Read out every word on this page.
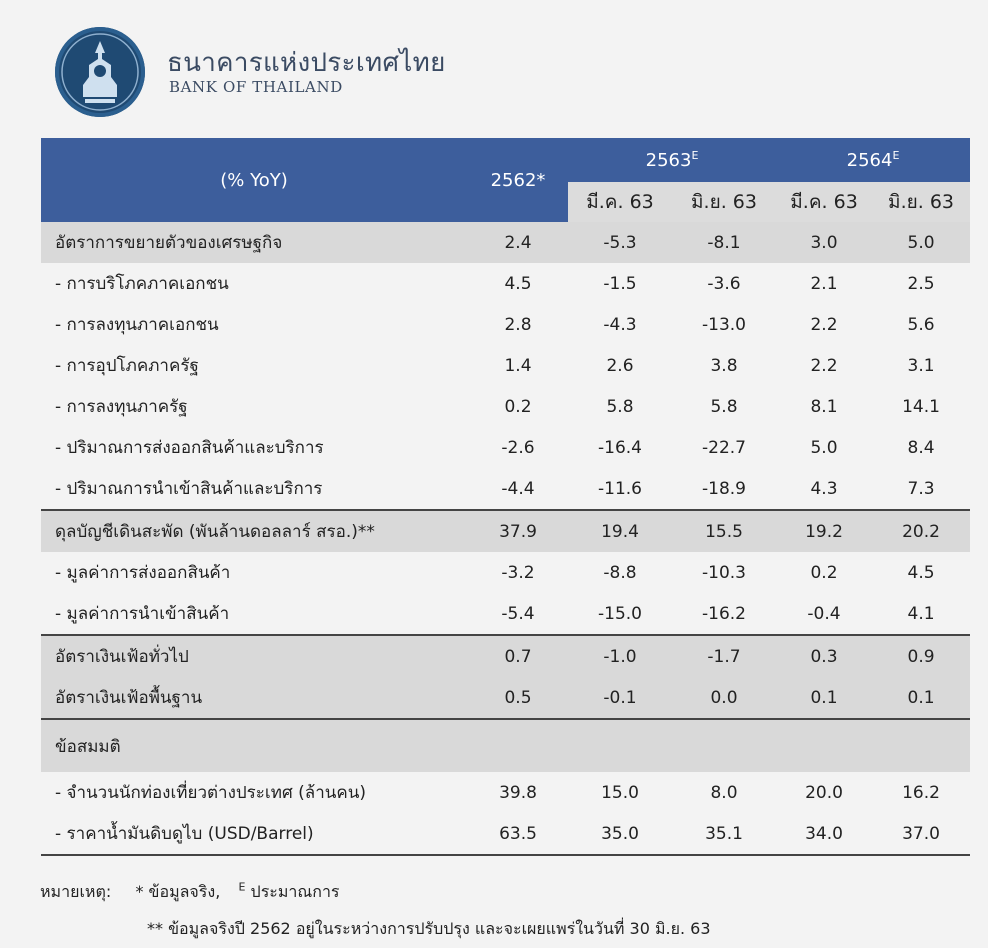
ธนาคารแห่งประเทศไทย
BANK OF THAILAND
(% YoY)	2562*	$2563^E$		$2564^E$
		มี.ค. 63	มิ.ย. 63	มี.ค. 63	มิ.ย. 63
อัตราการขยายตัวของเศรษฐกิจ	2.4	-5.3	-8.1	3.0	5.0
- การบริโภคภาคเอกชน	4.5	-1.5	-3.6	2.1	2.5
- การลงทุนภาคเอกชน	2.8	-4.3	-13.0	2.2	5.6
- การอุปโภคภาครัฐ	1.4	2.6	3.8	2.2	3.1
- การลงทุนภาครัฐ	0.2	5.8	5.8	8.1	14.1
- ปริมาณการส่งออกสินค้าและบริการ	-2.6	-16.4	-22.7	5.0	8.4
- ปริมาณการนำเข้าสินค้าและบริการ	-4.4	-11.6	-18.9	4.3	7.3
ดุลบัญชีเดินสะพัด (พันล้านดอลลาร์ สรอ.)**	37.9	19.4	15.5	19.2	20.2
- มูลค่าการส่งออกสินค้า	-3.2	-8.8	-10.3	0.2	4.5
- มูลค่าการนำเข้าสินค้า	-5.4	-15.0	-16.2	-0.4	4.1
อัตราเงินเฟ้อทั่วไป	0.7	-1.0	-1.7	0.3	0.9
อัตราเงินเฟ้อพื้นฐาน	0.5	-0.1	0.0	0.1	0.1
ข้อสมมติ					
- จำนวนนักท่องเที่ยวต่างประเทศ (ล้านคน)	39.8	15.0	8.0	20.0	16.2
- ราคาน้ำมันดิบดูไบ (USD/Barrel)	63.5	35.0	35.1	34.0	37.0
หมายเหตุ: * ข้อมูลจริง, $^E$ ประมาณการ
** ข้อมูลจริงปี 2562 อยู่ในระหว่างการปรับปรุง และจะเผยแพร่ในวันที่ 30 มิ.ย. 63
